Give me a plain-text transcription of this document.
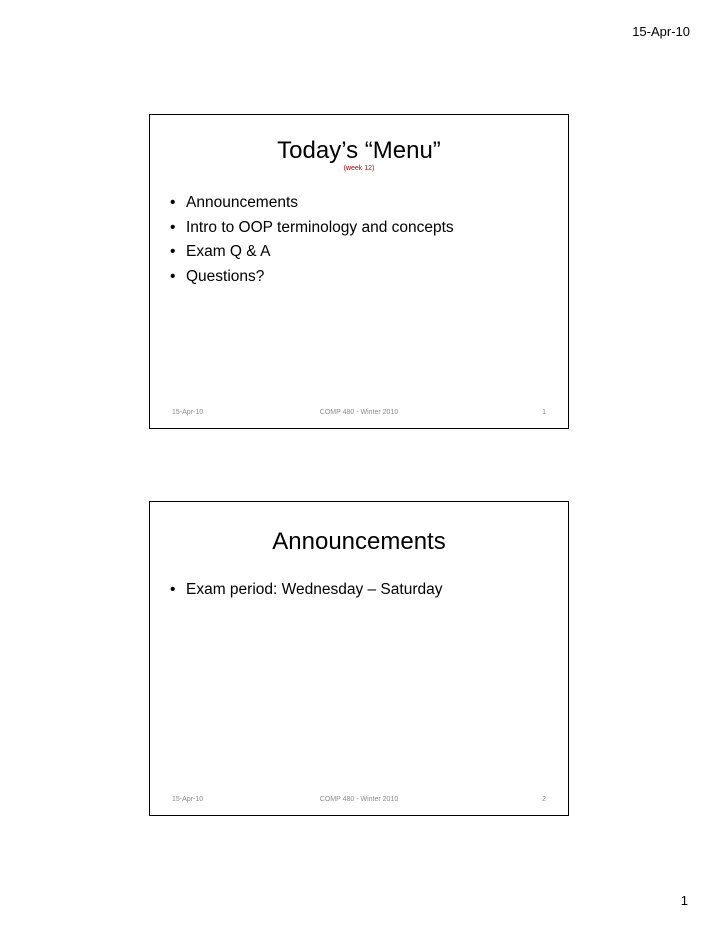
15-Apr-10
Today’s “Menu”
(week 12)
• Announcements
• Intro to OOP terminology and concepts
• Exam Q & A
• Questions?
15-Apr-10	COMP 480 - Winter 2010	1
Announcements
• Exam period: Wednesday – Saturday
15-Apr-10	COMP 480 - Winter 2010	2
1
